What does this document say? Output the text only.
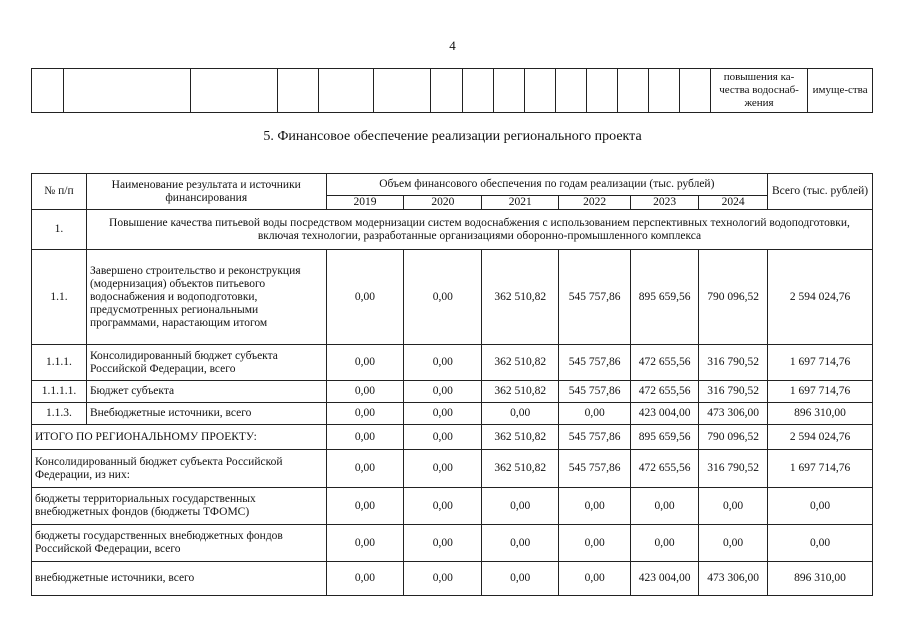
4
															повышения ка-чества водоснаб-жения	имуще-ства
5. Финансовое обеспечение реализации регионального проекта
№ п/п	Наименование результата и источники финансирования	Объем финансового обеспечения по годам реализации (тыс. рублей)						Всего (тыс. рублей)
		2019	2020	2021	2022	2023	2024	
1.	Повышение качества питьевой воды посредством модернизации систем водоснабжения с использованием перспективных технологий водоподготовки, включая технологии, разработанные организациями оборонно-промышленного комплекса							
1.1.	Завершено строительство и реконструкция (модернизация) объектов питьевого водоснабжения и водоподготовки, предусмотренных региональными программами, нарастающим итогом	0,00	0,00	362 510,82	545 757,86	895 659,56	790 096,52	2 594 024,76
1.1.1.	Консолидированный бюджет субъекта Российской Федерации, всего	0,00	0,00	362 510,82	545 757,86	472 655,56	316 790,52	1 697 714,76
1.1.1.1.	Бюджет субъекта	0,00	0,00	362 510,82	545 757,86	472 655,56	316 790,52	1 697 714,76
1.1.3.	Внебюджетные источники, всего	0,00	0,00	0,00	0,00	423 004,00	473 306,00	896 310,00
ИТОГО ПО РЕГИОНАЛЬНОМУ ПРОЕКТУ:		0,00	0,00	362 510,82	545 757,86	895 659,56	790 096,52	2 594 024,76
Консолидированный бюджет субъекта Российской Федерации, из них:		0,00	0,00	362 510,82	545 757,86	472 655,56	316 790,52	1 697 714,76
бюджеты территориальных государственных внебюджетных фондов (бюджеты ТФОМС)		0,00	0,00	0,00	0,00	0,00	0,00	0,00
бюджеты государственных внебюджетных фондов Российской Федерации, всего		0,00	0,00	0,00	0,00	0,00	0,00	0,00
внебюджетные источники, всего		0,00	0,00	0,00	0,00	423 004,00	473 306,00	896 310,00
